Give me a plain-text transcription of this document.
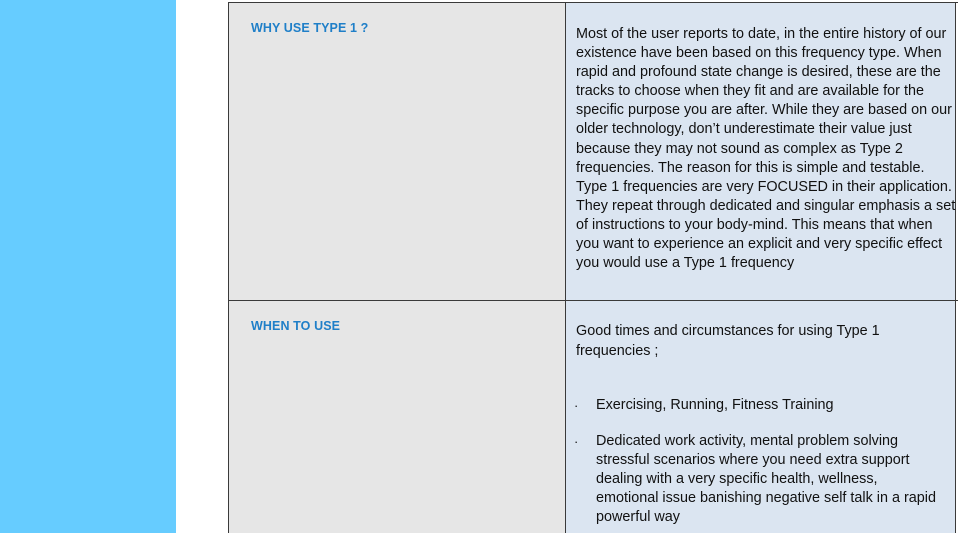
WHY USE TYPE 1 ?	Most of the user reports to date, in the entire history of our existence have been based on this frequency type. When rapid and profound state change is desired, these are the tracks to choose when they fit and are available for the specific purpose you are after. While they are based on our older technology, don’t underestimate their value just because they may not sound as complex as Type 2 frequencies. The reason for this is simple and testable. Type 1 frequencies are very FOCUSED in their application. They repeat through dedicated and singular emphasis a set of instructions to your body-mind. This means that when you want to experience an explicit and very specific effect you would use a Type 1 frequency

WHEN TO USE	Good times and circumstances for using Type 1 frequencies ;

· Exercising, Running, Fitness Training
· Dedicated work activity, mental problem solving stressful scenarios where you need extra support dealing with a very specific health, wellness, emotional issue banishing negative self talk in a rapid powerful way
